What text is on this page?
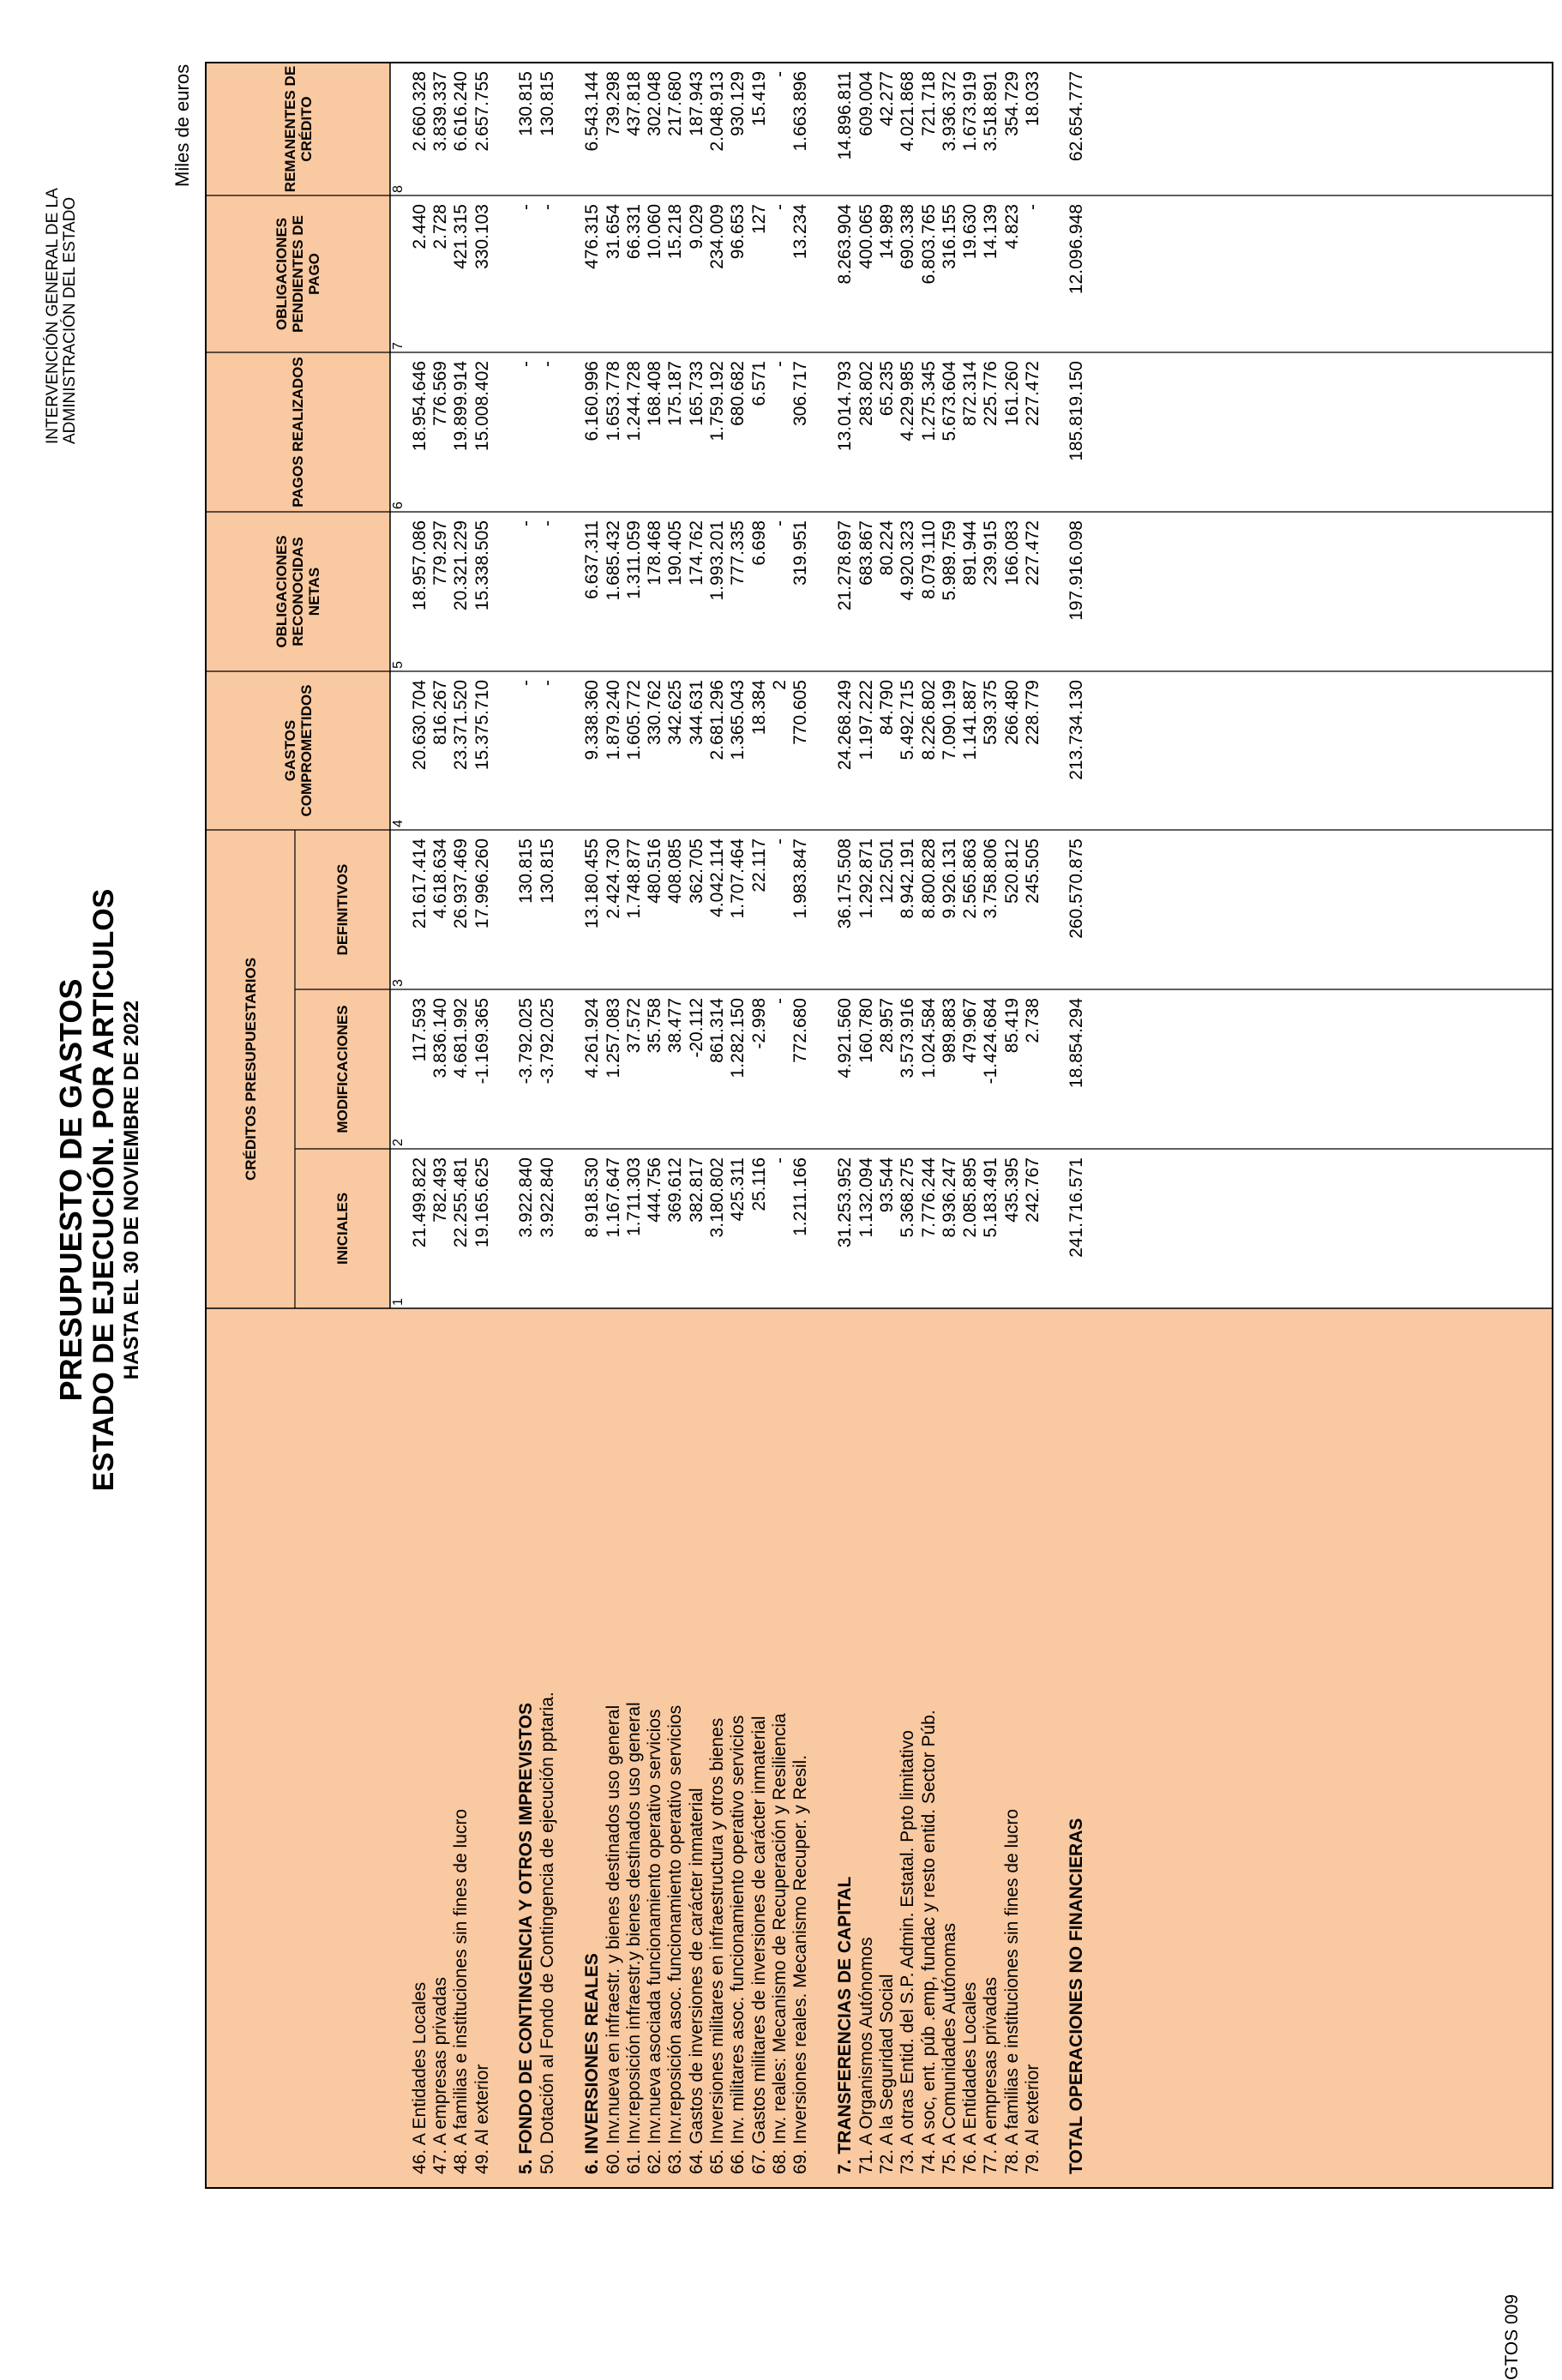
PRESUPUESTO DE GASTOS ESTADO DE EJECUCIÓN. POR ARTICULOS HASTA EL 30 DE NOVIEMBRE DE 2022
INTERVENCIÓN GENERAL DE LA ADMINISTRACIÓN DEL ESTADO
Miles de euros
CRÉDITOS PRESUPUESTARIOS
INICIALES
MODIFICACIONES
DEFINITIVOS
GASTOS COMPROMETIDOS
OBLIGACIONES RECONOCIDAS NETAS
PAGOS REALIZADOS
OBLIGACIONES PENDIENTES DE PAGO
REMANENTES DE CRÉDITO
1
2
3
4
5
6
7
46. A Entidades Locales
21.499.822
117.593
21.617.414
20.630.704
18.957.086
18.954.646
2.440
2.660.328
47. A empresas privadas
782.493
3.836.140
4.618.634
816.267
779.297
776.569
2.728
3.839.337
48. A familias e instituciones sin fines de lucro
22.255.481
4.681.992
26.937.469
23.371.520
20.321.229
19.899.914
421.315
6.616.240
49. Al exterior
19.165.625
-1.169.365
17.996.260
15.375.710
15.338.505
15.008.402
330.103
2.657.755
5. FONDO DE CONTINGENCIA Y OTROS IMPREVISTOS
3.922.840
-3.792.025
130.815
-
-
-
-
130.815
50. Dotación al Fondo de Contingencia de ejecución pptaria.
3.922.840
-3.792.025
130.815
-
-
-
-
130.815
6. INVERSIONES REALES
8.918.530
4.261.924
13.180.455
9.338.360
6.637.311
6.160.996
476.315
6.543.144
60. Inv.nueva en infraestr. y bienes destinados uso general
1.167.647
1.257.083
2.424.730
1.879.240
1.685.432
1.653.778
31.654
739.298
61. Inv.reposición infraestr.y bienes destinados uso general
1.711.303
37.572
1.748.877
1.605.772
1.311.059
1.244.728
66.331
437.818
62. Inv.nueva asociada funcionamiento operativo servicios
444.756
35.758
480.516
330.762
178.468
168.408
10.060
302.048
63. Inv.reposición asoc. funcionamiento operativo servicios
369.612
38.477
408.085
342.625
190.405
175.187
15.218
217.680
64. Gastos de inversiones de carácter inmaterial
382.817
-20.112
362.705
344.631
174.762
165.733
9.029
187.943
65. Inversiones militares en infraestructura y otros bienes
3.180.802
861.314
4.042.114
2.681.296
1.993.201
1.759.192
234.009
2.048.913
66. Inv. militares asoc. funcionamiento operativo servicios
425.311
1.282.150
1.707.464
1.365.043
777.335
680.682
96.653
930.129
67. Gastos militares de inversiones de carácter inmaterial
25.116
-2.998
22.117
18.384
6.698
6.571
127
15.419
68. Inv. reales: Mecanismo de Recuperación y Resiliencia
-
-
-
2
-
-
-
-
69. Inversiones reales. Mecanismo Recuper. y Resil.
1.211.166
772.680
1.983.847
770.605
319.951
306.717
13.234
1.663.896
7. TRANSFERENCIAS DE CAPITAL
31.253.952
4.921.560
36.175.508
24.268.249
21.278.697
13.014.793
8.263.904
14.896.811
71. A Organismos Autónomos
1.132.094
160.780
1.292.871
1.197.222
683.867
283.802
400.065
609.004
72. A la Seguridad Social
93.544
28.957
122.501
84.790
80.224
65.235
14.989
42.277
73. A otras Entid. del S.P. Admin. Estatal. Ppto limitativo
5.368.275
3.573.916
8.942.191
5.492.715
4.920.323
4.229.985
690.338
4.021.868
74. A soc, ent. púb .emp, fundac y resto entid. Sector Púb.
7.776.244
1.024.584
8.800.828
8.226.802
8.079.110
1.275.345
6.803.765
721.718
75. A Comunidades Autónomas
8.936.247
989.883
9.926.131
7.090.199
5.989.759
5.673.604
316.155
3.936.372
76. A Entidades Locales
2.085.895
479.967
2.565.863
1.141.887
891.944
872.314
19.630
1.673.919
77. A empresas privadas
5.183.491
-1.424.684
3.758.806
539.375
239.915
225.776
14.139
3.518.891
78. A familias e instituciones sin fines de lucro
435.395
85.419
520.812
266.480
166.083
161.260
4.823
354.729
79. Al exterior
242.767
2.738
245.505
228.779
227.472
227.472
-
18.033
TOTAL OPERACIONES NO FINANCIERAS
241.716.571
18.854.294
260.570.875
213.734.130
197.916.098
185.819.150
12.096.948
62.654.777
8
GTOS 009
